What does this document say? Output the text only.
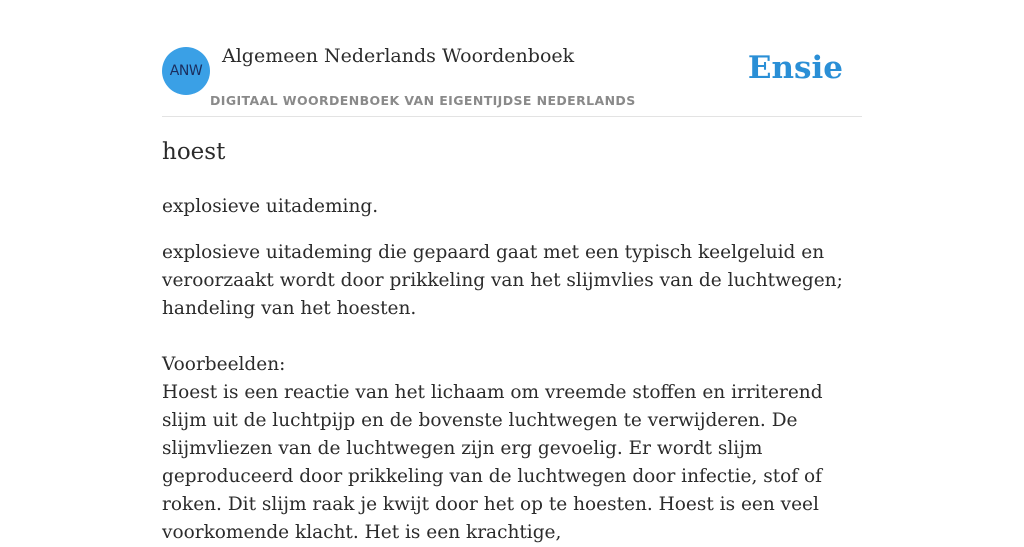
ANW
Algemeen Nederlands Woordenboek
DIGITAAL WOORDENBOEK VAN EIGENTIJDSE NEDERLANDS
Ensie
hoest
explosieve uitademing.

explosieve uitademing die gepaard gaat met een typisch keelgeluid en veroorzaakt wordt door prikkeling van het slijmvlies van de luchtwegen; handeling van het hoesten.

Voorbeelden:

Hoest is een reactie van het lichaam om vreemde stoffen en irriterend slijm uit de luchtpijp en de bovenste luchtwegen te verwijderen. De slijmvliezen van de luchtwegen zijn erg gevoelig. Er wordt slijm geproduceerd door prikkeling van de luchtwegen door infectie, stof of roken. Dit slijm raak je kwijt door het op te hoesten. Hoest is een veel voorkomende klacht. Het is een krachtige,
